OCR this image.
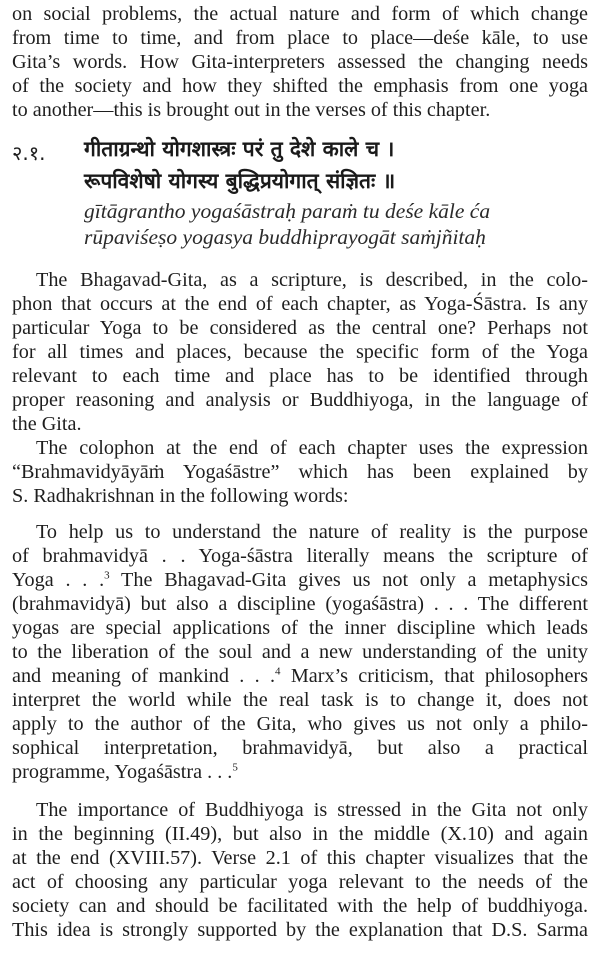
on social problems, the actual nature and form of which change
from time to time, and from place to place—deśe kāle, to use
Gita’s words. How Gita-interpreters assessed the changing needs
of the society and how they shifted the emphasis from one yoga
to another—this is brought out in the verses of this chapter.
२.१. गीताग्रन्थो योगशास्त्रः परं तु देशे काले च ।
रूपविशेषो योगस्य बुद्धिप्रयोगात् संज्ञितः ॥
gītāgrantho yogaśāstraḥ paraṁ tu deśe kāle ća
rūpaviśeṣo yogasya buddhiprayogāt saṁjñitaḥ
The Bhagavad-Gita, as a scripture, is described, in the colo-
phon that occurs at the end of each chapter, as Yoga-Śāstra. Is any
particular Yoga to be considered as the central one? Perhaps not
for all times and places, because the specific form of the Yoga
relevant to each time and place has to be identified through
proper reasoning and analysis or Buddhiyoga, in the language of
the Gita.
The colophon at the end of each chapter uses the expression
“Brahmavidyāyāṁ Yogaśāstre” which has been explained by
S. Radhakrishnan in the following words:
To help us to understand the nature of reality is the purpose
of brahmavidyā . . Yoga-śāstra literally means the scripture of
Yoga . . .$^3$ The Bhagavad-Gita gives us not only a metaphysics
(brahmavidyā) but also a discipline (yogaśāstra) . . . The different
yogas are special applications of the inner discipline which leads
to the liberation of the soul and a new understanding of the unity
and meaning of mankind . . .$^4$ Marx’s criticism, that philosophers
interpret the world while the real task is to change it, does not
apply to the author of the Gita, who gives us not only a philo-
sophical interpretation, brahmavidyā, but also a practical
programme, Yogaśāstra . . .$^5$
The importance of Buddhiyoga is stressed in the Gita not only
in the beginning (II.49), but also in the middle (X.10) and again
at the end (XVIII.57). Verse 2.1 of this chapter visualizes that the
act of choosing any particular yoga relevant to the needs of the
society can and should be facilitated with the help of buddhiyoga.
This idea is strongly supported by the explanation that D.S. Sarma
